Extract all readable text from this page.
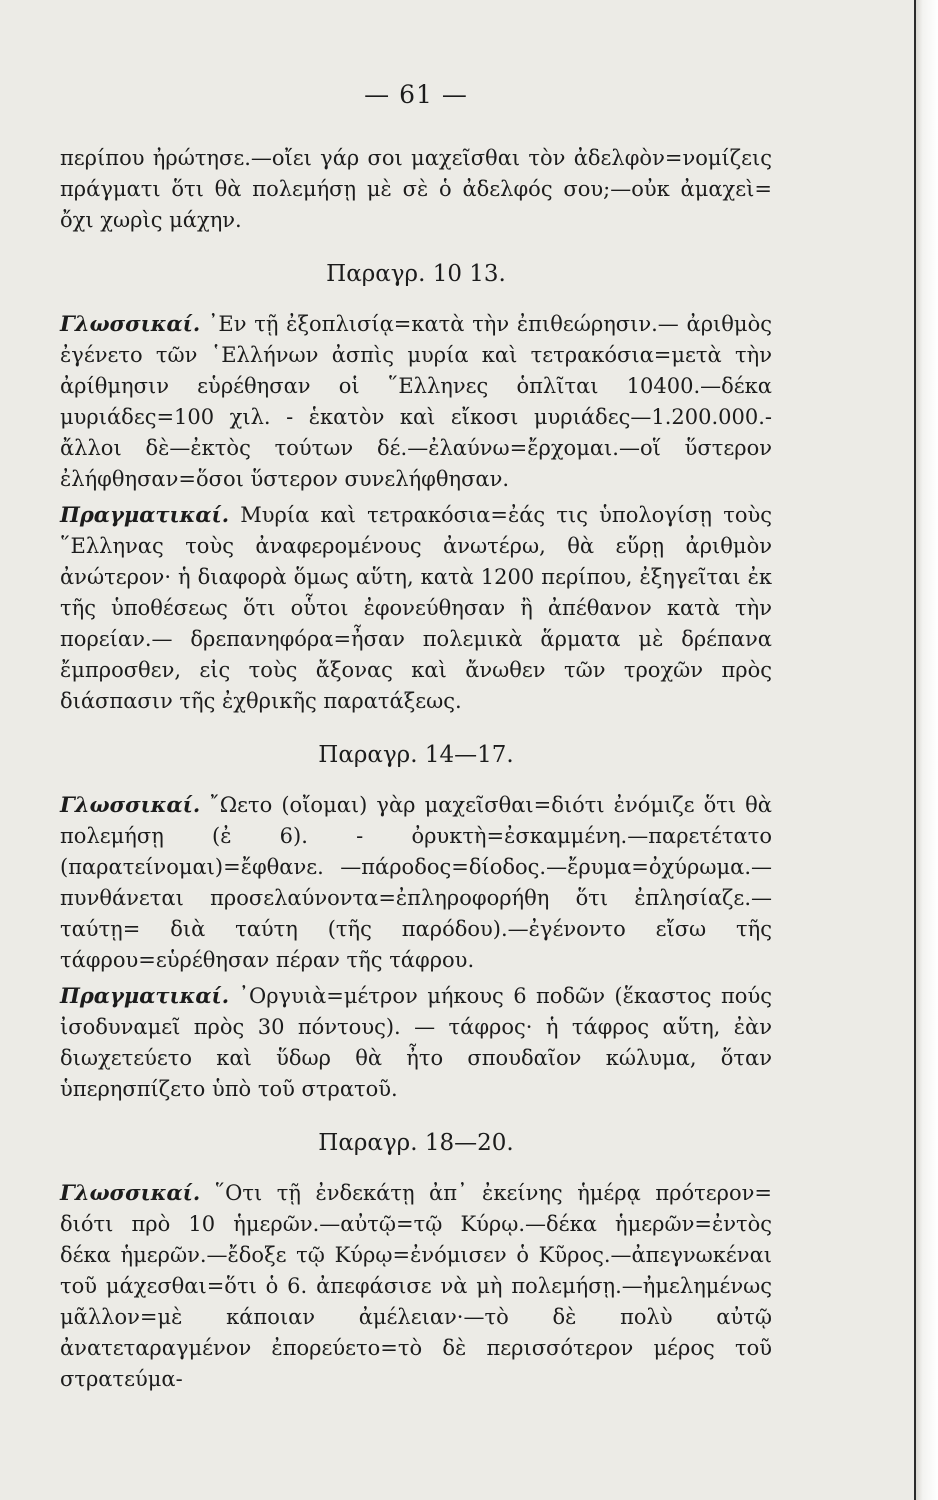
— 61 —

περίπου ἠρώτησε.—οἴει γάρ σοι μαχεῖσθαι τὸν ἀδελφὸν=νομίζεις πράγματι ὅτι θὰ πολεμήσῃ μὲ σὲ ὁ ἀδελφός σου;—οὐκ ἀμαχεὶ= ὄχι χωρὶς μάχην.

Παραγρ. 10 13.

Γλωσσικαί. ᾽Εν τῇ ἐξοπλισίᾳ=κατὰ τὴν ἐπιθεώρησιν.— ἀριθμὸς ἐγένετο τῶν ῾Ελλήνων ἀσπὶς μυρία καὶ τετρακόσια=μετὰ τὴν ἀρίθμησιν εὑρέθησαν οἱ ῞Ελληνες ὁπλῖται 10400.—δέκα μυριάδες=100 χιλ. - ἑκατὸν καὶ εἴκοσι μυριάδες—1.200.000.- ἄλλοι δὲ—ἐκτὸς τούτων δέ.—ἐλαύνω=ἔρχομαι.—οἵ ὕστερον ἐλήφθησαν=ὅσοι ὕστερον συνελήφθησαν.

Πραγματικαί. Μυρία καὶ τετρακόσια=ἐάς τις ὑπολογίσῃ τοὺς ῞Ελληνας τοὺς ἀναφερομένους ἀνωτέρω, θὰ εὕρῃ ἀριθμὸν ἀνώτερον· ἡ διαφορὰ ὅμως αὕτη, κατὰ 1200 περίπου, ἐξηγεῖται ἐκ τῆς ὑποθέσεως ὅτι οὗτοι ἐφονεύθησαν ἢ ἀπέθανον κατὰ τὴν πορείαν.— δρεπανηφόρα=ἦσαν πολεμικὰ ἅρματα μὲ δρέπανα ἔμπροσθεν, εἰς τοὺς ἄξονας καὶ ἄνωθεν τῶν τροχῶν πρὸς διάσπασιν τῆς ἐχθρικῆς παρατάξεως.

Παραγρ. 14—17.

Γλωσσικαί. ῎Ωετο (οἴομαι) γὰρ μαχεῖσθαι=διότι ἐνόμιζε ὅτι θὰ πολεμήσῃ (ἐ 6). - ὀρυκτὴ=ἐσκαμμένη.—παρετέτατο (παρατείνομαι)=ἔφθανε. —πάροδος=δίοδος.—ἔρυμα=ὀχύρωμα.—πυνθάνεται προσελαύνοντα=ἐπληροφορήθη ὅτι ἐπλησίαζε.—ταύτῃ= διὰ ταύτη (τῆς παρόδου).—ἐγένοντο εἴσω τῆς τάφρου=εὑρέθησαν πέραν τῆς τάφρου.

Πραγματικαί. ᾽Οργυιὰ=μέτρον μήκους 6 ποδῶν (ἕκαστος πούς ἰσοδυναμεῖ πρὸς 30 πόντους). — τάφρος· ἡ τάφρος αὕτη, ἐὰν διωχετεύετο καὶ ὕδωρ θὰ ἦτο σπουδαῖον κώλυμα, ὅταν ὑπερησπίζετο ὑπὸ τοῦ στρατοῦ.

Παραγρ. 18—20.

Γλωσσικαί. ῞Οτι τῇ ἐνδεκάτῃ ἀπ᾽ ἐκείνης ἡμέρᾳ πρότερον= διότι πρὸ 10 ἡμερῶν.—αὐτῷ=τῷ Κύρῳ.—δέκα ἡμερῶν=ἐντὸς δέκα ἡμερῶν.—ἔδοξε τῷ Κύρῳ=ἐνόμισεν ὁ Κῦρος.—ἀπεγνωκέναι τοῦ μάχεσθαι=ὅτι ὁ 6. ἀπεφάσισε νὰ μὴ πολεμήσῃ.—ἠμελημένως μᾶλλον=μὲ κάποιαν ἀμέλειαν·—τὸ δὲ πολὺ αὐτῷ ἀνατεταραγμένον ἐπορεύετο=τὸ δὲ περισσότερον μέρος τοῦ στρατεύμα-
